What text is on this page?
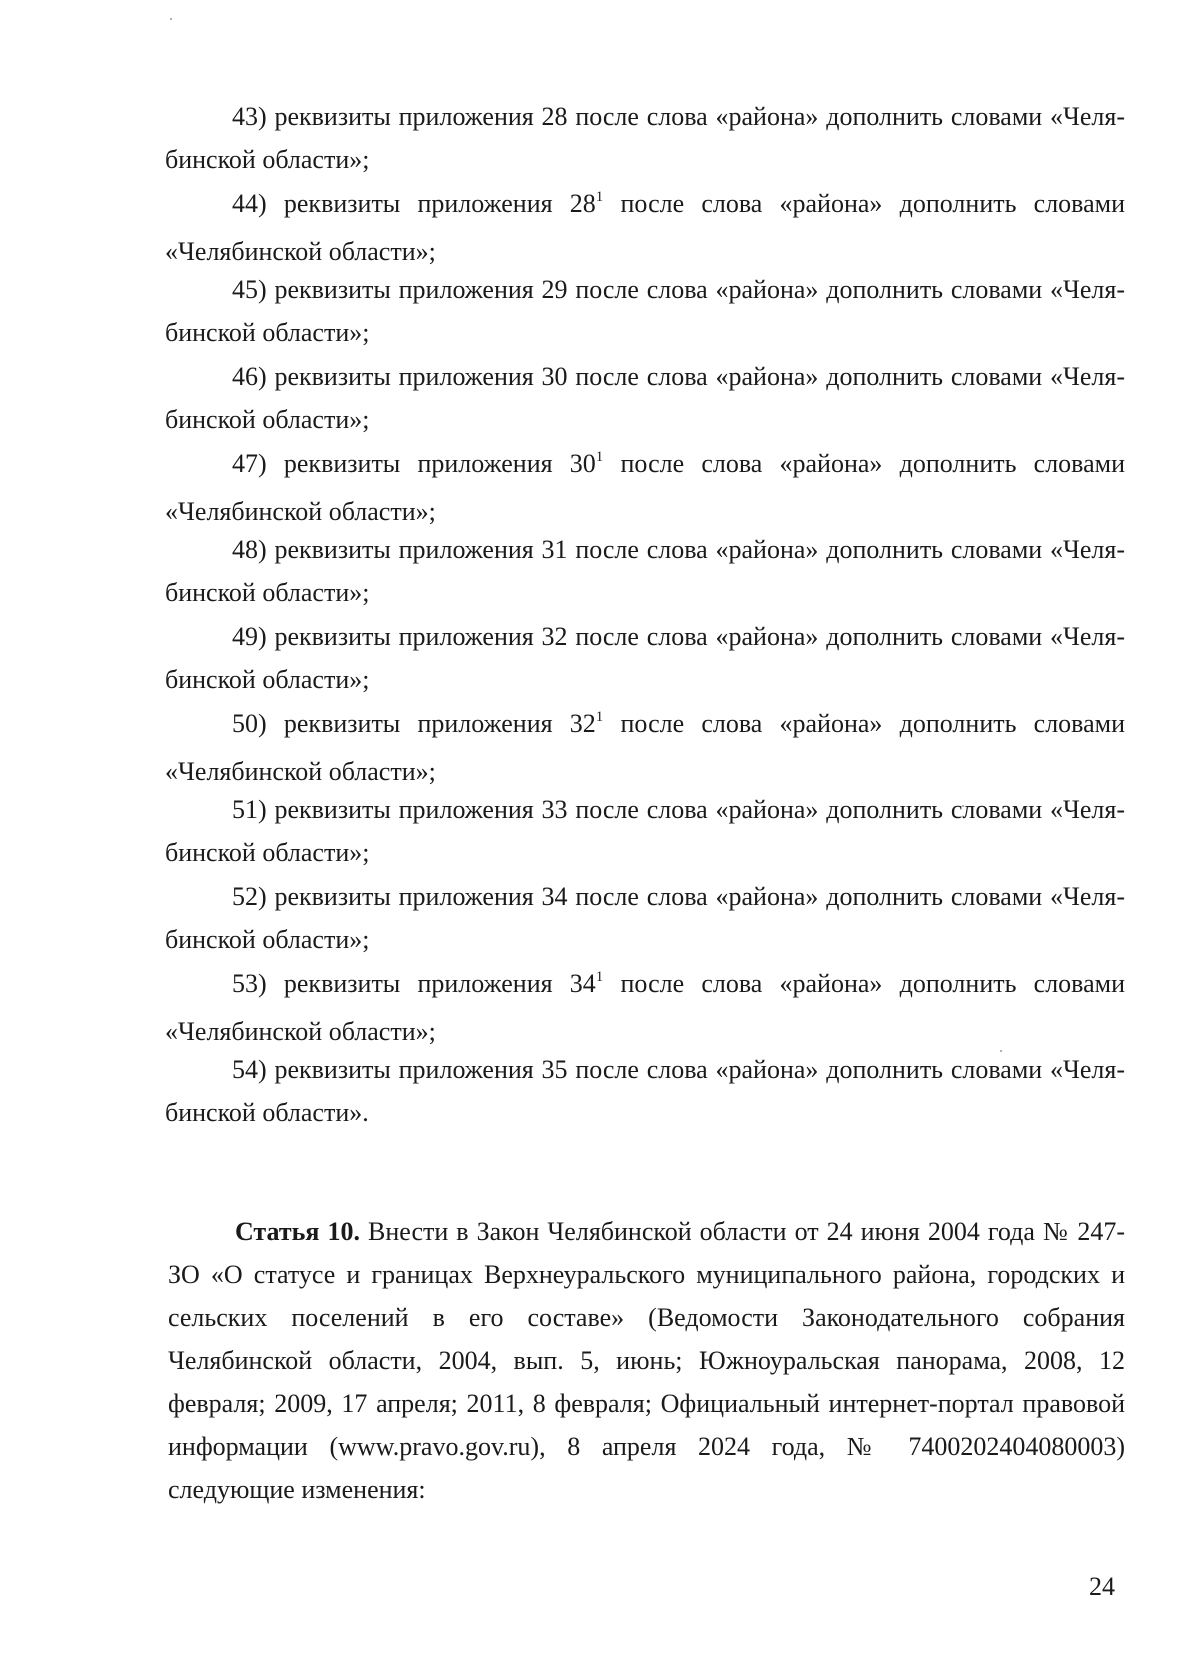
43) реквизиты приложения 28 после слова «района» дополнить словами «Челя-
бинской области»;
44) реквизиты приложения $28^1$ после слова «района» дополнить словами
«Челябинской области»;
45) реквизиты приложения 29 после слова «района» дополнить словами «Челя-
бинской области»;
46) реквизиты приложения 30 после слова «района» дополнить словами «Челя-
бинской области»;
47) реквизиты приложения $30^1$ после слова «района» дополнить словами
«Челябинской области»;
48) реквизиты приложения 31 после слова «района» дополнить словами «Челя-
бинской области»;
49) реквизиты приложения 32 после слова «района» дополнить словами «Челя-
бинской области»;
50) реквизиты приложения $32^1$ после слова «района» дополнить словами
«Челябинской области»;
51) реквизиты приложения 33 после слова «района» дополнить словами «Челя-
бинской области»;
52) реквизиты приложения 34 после слова «района» дополнить словами «Челя-
бинской области»;
53) реквизиты приложения $34^1$ после слова «района» дополнить словами
«Челябинской области»;
54) реквизиты приложения 35 после слова «района» дополнить словами «Челя-
бинской области».
Статья 10. Внести в Закон Челябинской области от 24 июня 2004 года № 247-ЗО «О статусе и границах Верхнеуральского муниципального района, городских и сельских поселений в его составе» (Ведомости Законодательного собрания Челябинской области, 2004, вып. 5, июнь; Южноуральская панорама, 2008, 12 февраля; 2009, 17 апреля; 2011, 8 февраля; Официальный интернет-портал правовой информации (www.pravo.gov.ru), 8 апреля 2024 года, № 7400202404080003) следующие изменения:
24
